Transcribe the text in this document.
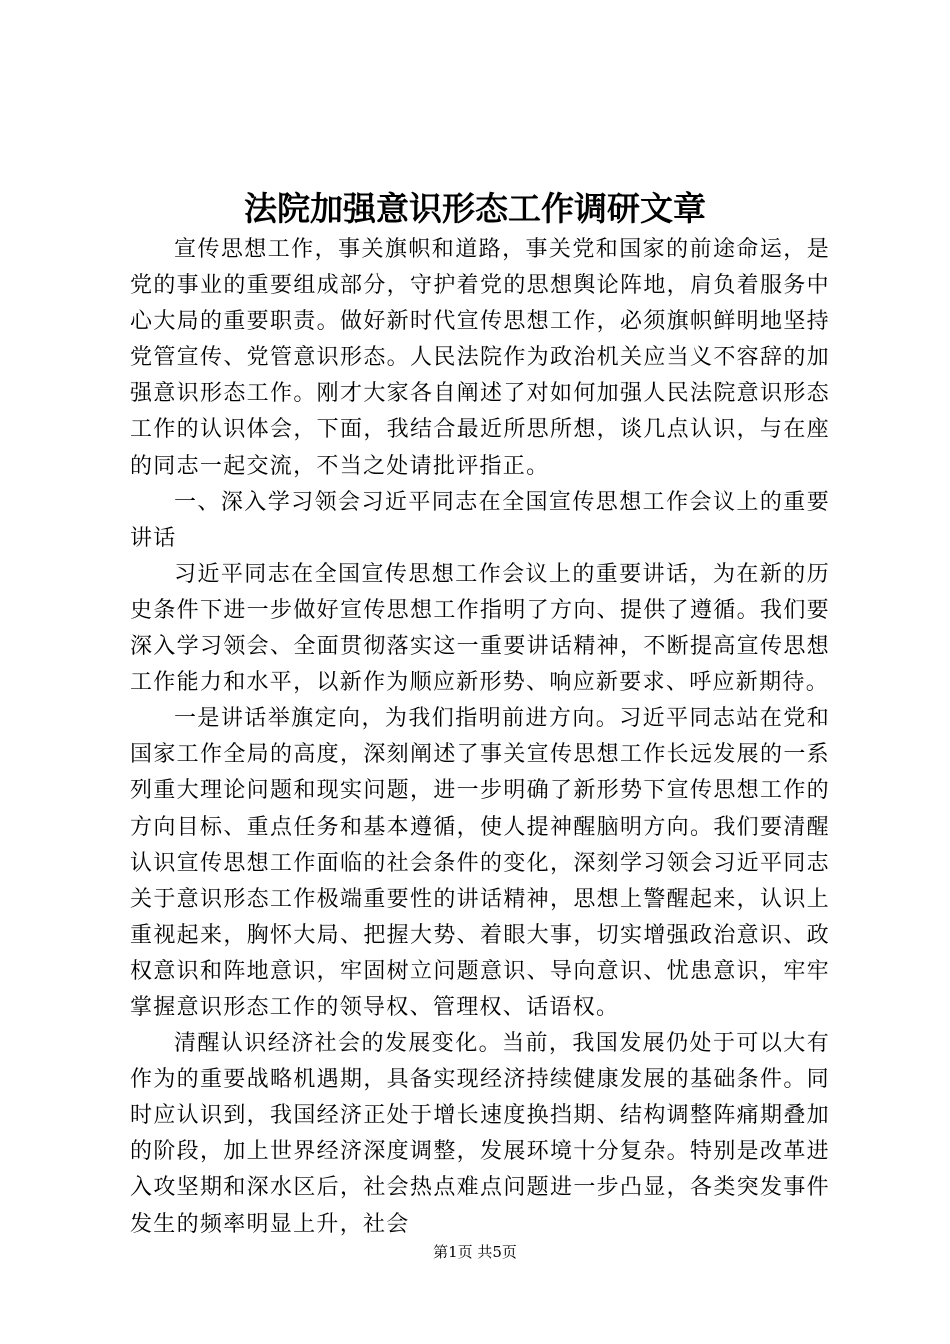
法院加强意识形态工作调研文章

宣传思想工作，事关旗帜和道路，事关党和国家的前途命运，是党的事业的重要组成部分，守护着党的思想舆论阵地，肩负着服务中心大局的重要职责。做好新时代宣传思想工作，必须旗帜鲜明地坚持党管宣传、党管意识形态。人民法院作为政治机关应当义不容辞的加强意识形态工作。刚才大家各自阐述了对如何加强人民法院意识形态工作的认识体会，下面，我结合最近所思所想，谈几点认识，与在座的同志一起交流，不当之处请批评指正。

一、深入学习领会习近平同志在全国宣传思想工作会议上的重要讲话

习近平同志在全国宣传思想工作会议上的重要讲话，为在新的历史条件下进一步做好宣传思想工作指明了方向、提供了遵循。我们要深入学习领会、全面贯彻落实这一重要讲话精神，不断提高宣传思想工作能力和水平，以新作为顺应新形势、响应新要求、呼应新期待。

一是讲话举旗定向，为我们指明前进方向。习近平同志站在党和国家工作全局的高度，深刻阐述了事关宣传思想工作长远发展的一系列重大理论问题和现实问题，进一步明确了新形势下宣传思想工作的方向目标、重点任务和基本遵循，使人提神醒脑明方向。我们要清醒认识宣传思想工作面临的社会条件的变化，深刻学习领会习近平同志关于意识形态工作极端重要性的讲话精神，思想上警醒起来，认识上重视起来，胸怀大局、把握大势、着眼大事，切实增强政治意识、政权意识和阵地意识，牢固树立问题意识、导向意识、忧患意识，牢牢掌握意识形态工作的领导权、管理权、话语权。

清醒认识经济社会的发展变化。当前，我国发展仍处于可以大有作为的重要战略机遇期，具备实现经济持续健康发展的基础条件。同时应认识到，我国经济正处于增长速度换挡期、结构调整阵痛期叠加的阶段，加上世界经济深度调整，发展环境十分复杂。特别是改革进入攻坚期和深水区后，社会热点难点问题进一步凸显，各类突发事件发生的频率明显上升，社会

第1页 共5页
